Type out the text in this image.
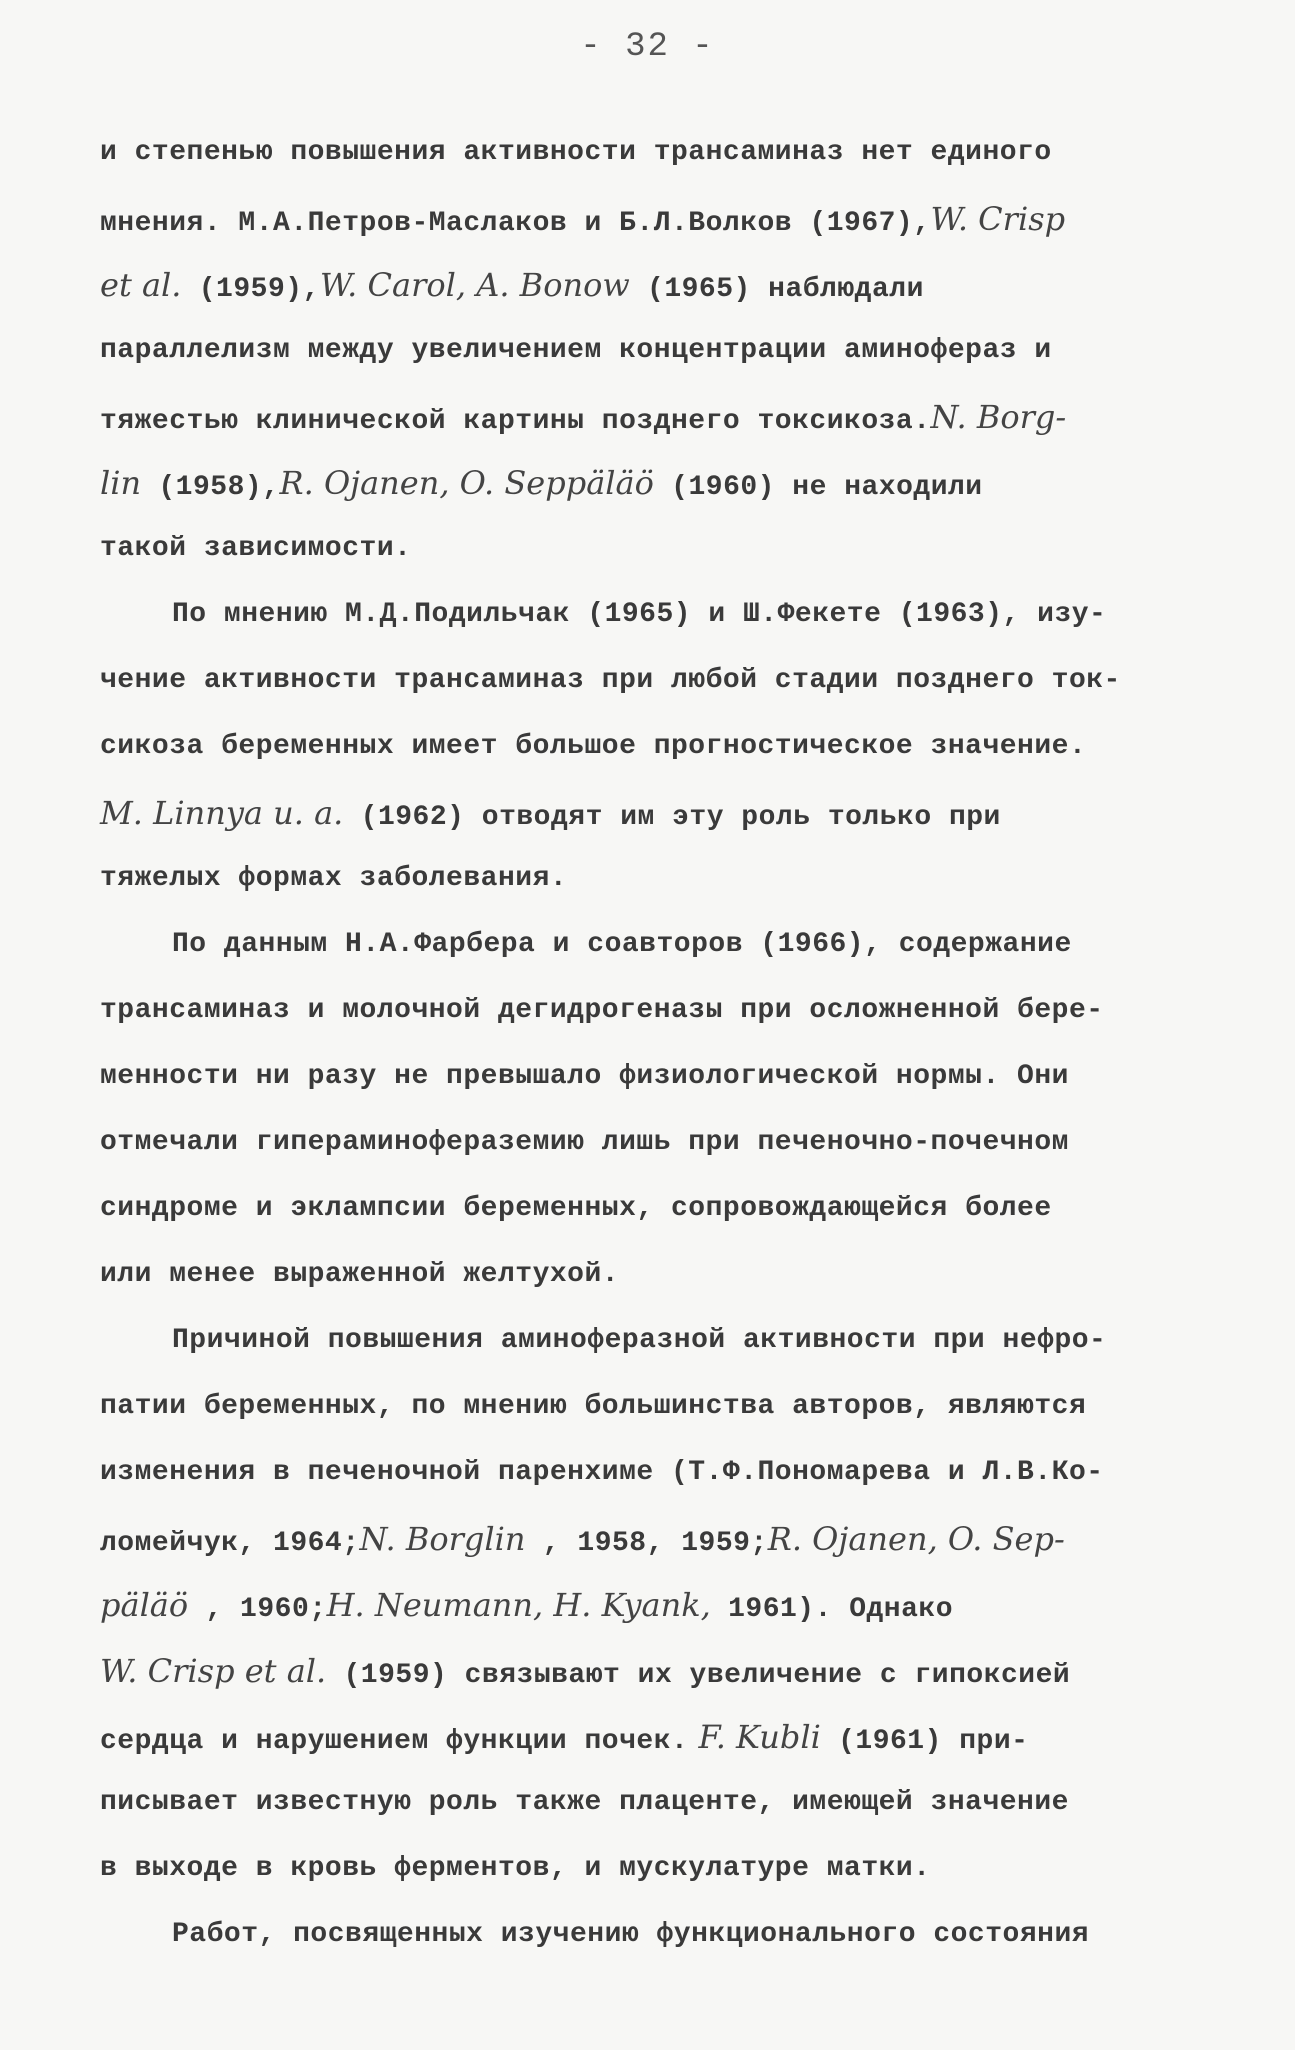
- 32 -
и степенью повышения активности трансаминаз нет единого
мнения. М.А.Петров-Маслаков и Б.Л.Волков (1967),W. Crisp
et al. (1959),W. Carol, A. Bonow (1965) наблюдали
параллелизм между увеличением концентрации аминофераз и
тяжестью клинической картины позднего токсикоза.N. Borg-
lin (1958),R. Ojanen, O. Seppäläö (1960) не находили
такой зависимости.
По мнению М.Д.Подильчак (1965) и Ш.Фекете (1963), изу-
чение активности трансаминаз при любой стадии позднего ток-
сикоза беременных имеет большое прогностическое значение.
M. Linnya u. a. (1962) отводят им эту роль только при
тяжелых формах заболевания.
По данным Н.А.Фарбера и соавторов (1966), содержание
трансаминаз и молочной дегидрогеназы при осложненной бере-
менности ни разу не превышало физиологической нормы. Они
отмечали гипераминофераземию лишь при печеночно-почечном
синдроме и эклампсии беременных, сопровождающейся более
или менее выраженной желтухой.
Причиной повышения аминоферазной активности при нефро-
патии беременных, по мнению большинства авторов, являются
изменения в печеночной паренхиме (Т.Ф.Пономарева и Л.В.Ко-
ломейчук, 1964;N. Borglin , 1958, 1959;R. Ojanen, O. Sep-
päläö , 1960;H. Neumann, H. Kyank, 1961). Однако
W. Crisp et al. (1959) связывают их увеличение с гипоксией
сердца и нарушением функции почек. F. Kubli (1961) при-
писывает известную роль также плаценте, имеющей значение
в выходе в кровь ферментов, и мускулатуре матки.
Работ, посвященных изучению функционального состояния
